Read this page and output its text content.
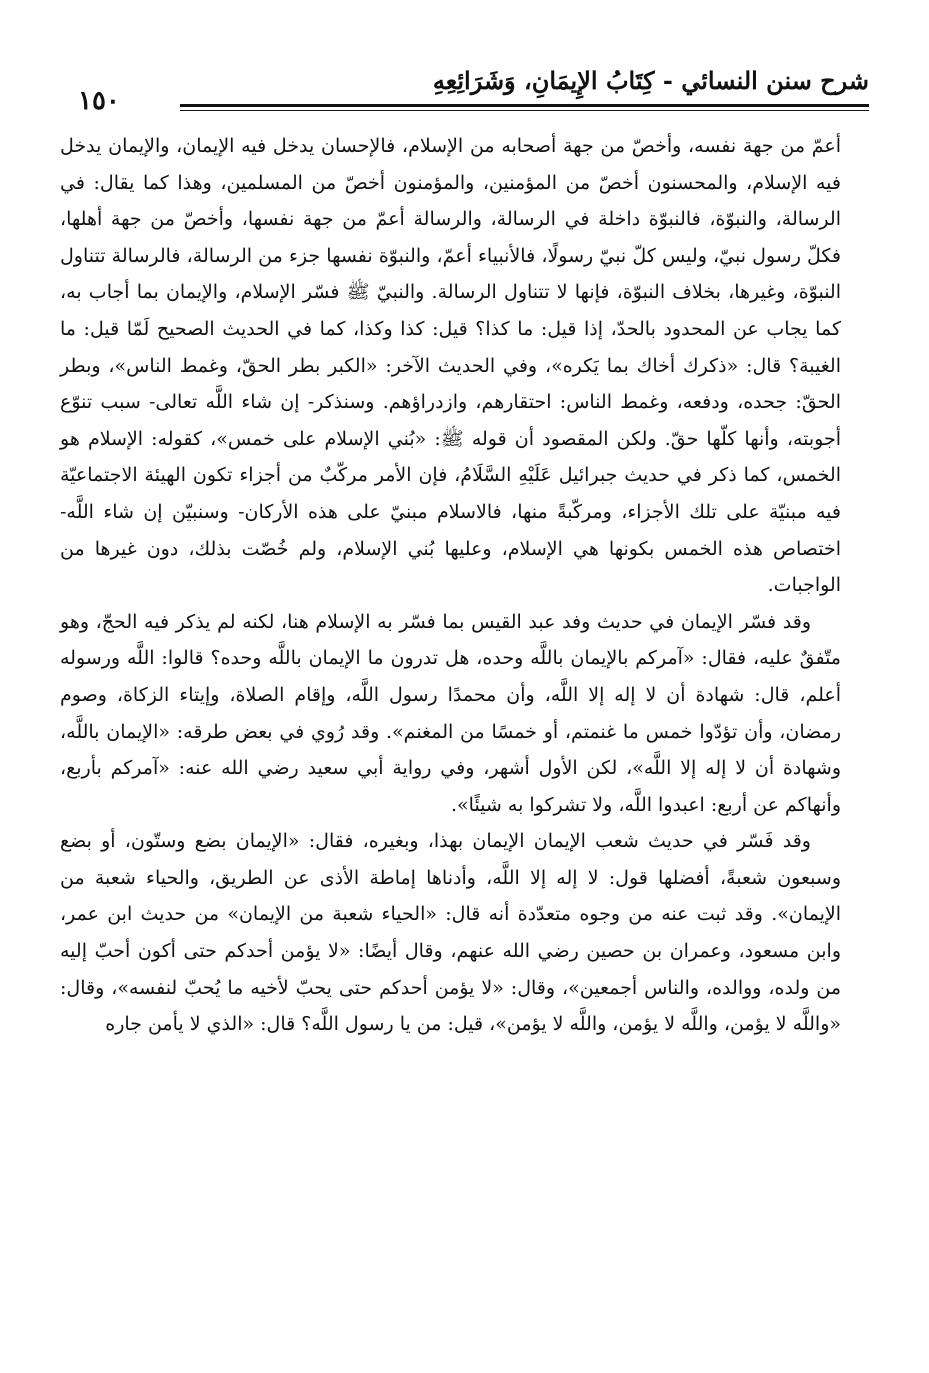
شرح سنن النسائي - كِتَابُ الإِيمَانِ، وَشَرَائِعِهِ
١٥٠

أعمّ من جهة نفسه، وأخصّ من جهة أصحابه من الإسلام، فالإحسان يدخل فيه الإيمان، والإيمان يدخل فيه الإسلام، والمحسنون أخصّ من المؤمنين، والمؤمنون أخصّ من المسلمين، وهذا كما يقال: في الرسالة، والنبوّة، فالنبوّة داخلة في الرسالة، والرسالة أعمّ من جهة نفسها، وأخصّ من جهة أهلها، فكلّ رسول نبيّ، وليس كلّ نبيّ رسولًا، فالأنبياء أعمّ، والنبوّة نفسها جزء من الرسالة، فالرسالة تتناول النبوّة، وغيرها، بخلاف النبوّة، فإنها لا تتناول الرسالة. والنبيّ ﷺ فسّر الإسلام، والإيمان بما أجاب به، كما يجاب عن المحدود بالحدّ، إذا قيل: ما كذا؟ قيل: كذا وكذا، كما في الحديث الصحيح لَمّا قيل: ما الغيبة؟ قال: «ذكرك أخاك بما يَكره»، وفي الحديث الآخر: «الكبر بطر الحقّ، وغمط الناس»، وبطر الحقّ: جحده، ودفعه، وغمط الناس: احتقارهم، وازدراؤهم. وسنذكر- إن شاء اللَّه تعالى- سبب تنوّع أجوبته، وأنها كلّها حقّ. ولكن المقصود أن قوله ﷺ: «بُني الإسلام على خمس»، كقوله: الإسلام هو الخمس، كما ذكر في حديث جبرائيل عَلَيْهِ السَّلَامُ، فإن الأمر مركّبٌ من أجزاء تكون الهيئة الاجتماعيّة فيه مبنيّة على تلك الأجزاء، ومركّبةً منها، فالاسلام مبنيّ على هذه الأركان- وسنبيّن إن شاء اللَّه- اختصاص هذه الخمس بكونها هي الإسلام، وعليها بُني الإسلام، ولم خُصّت بذلك، دون غيرها من الواجبات.

وقد فسّر الإيمان في حديث وفد عبد القيس بما فسّر به الإسلام هنا، لكنه لم يذكر فيه الحجّ، وهو متّفقٌ عليه، فقال: «آمركم بالإيمان باللَّه وحده، هل تدرون ما الإيمان باللَّه وحده؟ قالوا: اللَّه ورسوله أعلم، قال: شهادة أن لا إله إلا اللَّه، وأن محمدًا رسول اللَّه، وإقام الصلاة، وإيتاء الزكاة، وصوم رمضان، وأن تؤدّوا خمس ما غنمتم، أو خمسًا من المغنم». وقد رُوي في بعض طرقه: «الإيمان باللَّه، وشهادة أن لا إله إلا اللَّه»، لكن الأول أشهر، وفي رواية أبي سعيد رضي الله عنه: «آمركم بأربع، وأنهاكم عن أربع: اعبدوا اللَّه، ولا تشركوا به شيئًا».

وقد فَسّر في حديث شعب الإيمان الإيمان بهذا، وبغيره، فقال: «الإيمان بضع وستّون، أو بضع وسبعون شعبةً، أفضلها قول: لا إله إلا اللَّه، وأدناها إماطة الأذى عن الطريق، والحياء شعبة من الإيمان». وقد ثبت عنه من وجوه متعدّدة أنه قال: «الحياء شعبة من الإيمان» من حديث ابن عمر، وابن مسعود، وعمران بن حصين رضي الله عنهم، وقال أيضًا: «لا يؤمن أحدكم حتى أكون أحبّ إليه من ولده، ووالده، والناس أجمعين»، وقال: «لا يؤمن أحدكم حتى يحبّ لأخيه ما يُحبّ لنفسه»، وقال: «واللَّه لا يؤمن، واللَّه لا يؤمن، واللَّه لا يؤمن»، قيل: من يا رسول اللَّه؟ قال: «الذي لا يأمن جاره
